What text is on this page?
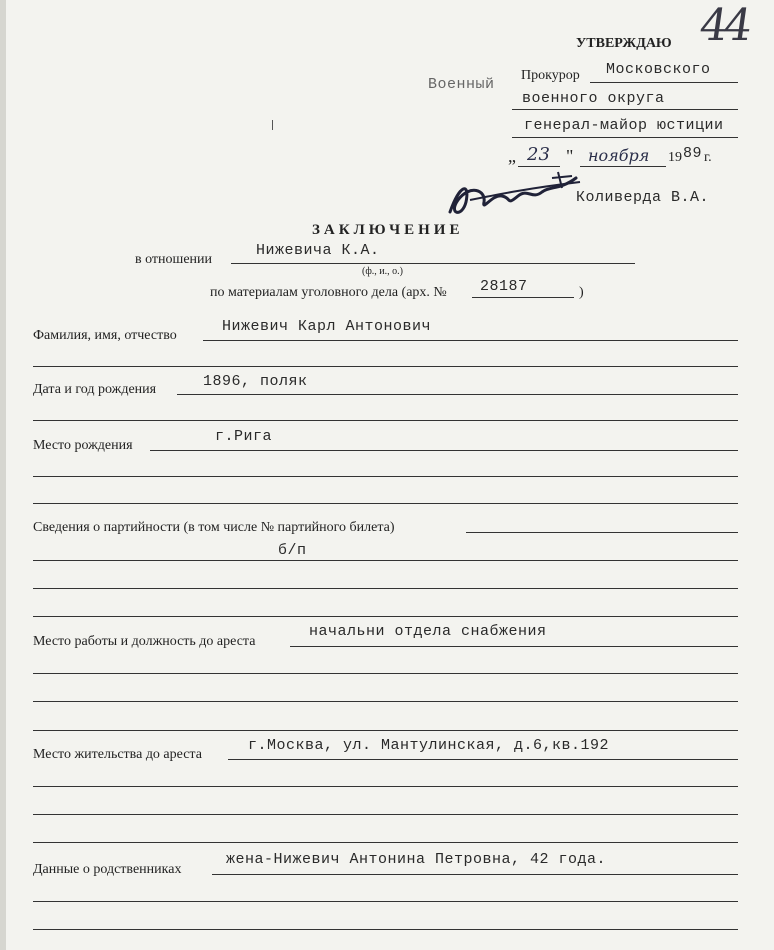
44
УТВЕРЖДАЮ
Военный
Прокурор Московского
военного округа
генерал-майор юстиции
„ 23 " ноября 19 89 г.
Коливерда В.А.
ЗАКЛЮЧЕНИЕ
в отношении
Нижевича К.А.
(ф., и., о.)
по материалам уголовного дела (арх. № 28187	)
Фамилия, имя, отчество
Нижевич Карл Антонович
Дата и год рождения	1896, поляк
Место рождения
г.Рига
Сведения о партийности (в том числе № партийного билета)
б/п
Место работы и должность до ареста
начальни отдела снабжения
Место жительства до ареста
г.Москва, ул. Мантулинская, д.6,кв.192
Данные о родственниках
жена-Нижевич Антонина Петровна, 42 года.
